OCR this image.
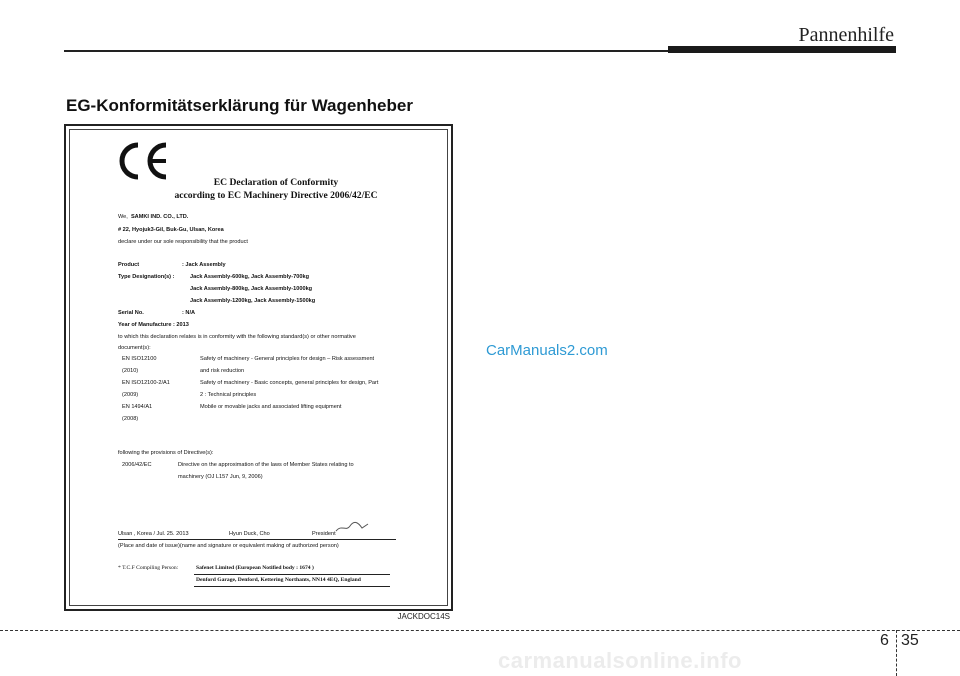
Pannenhilfe
EG-Konformitätserklärung für Wagenheber
EC Declaration of Conformity
according to EC Machinery Directive 2006/42/EC
We, SAMKI IND. CO., LTD.
# 22, Hyojuk3-Gil, Buk-Gu, Ulsan, Korea
declare under our sole responsibility that the product
Product	: Jack Assembly
Type Designation(s) :	Jack Assembly-600kg, Jack Assembly-700kg
Jack Assembly-800kg, Jack Assembly-1000kg
Jack Assembly-1200kg, Jack Assembly-1500kg
Serial No.	: N/A
Year of Manufacture : 2013
to which this declaration relates is in conformity with the following standard(s) or other normative
document(s):
EN ISO12100	Safety of machinery - General principles for design – Risk assessment
(2010)	and risk reduction
EN ISO12100-2/A1	Safety of machinery - Basic concepts, general principles for design, Part
(2009)	2 : Technical principles
EN 1494/A1	Mobile or movable jacks and associated lifting equipment
(2008)
following the provisions of Directive(s):
2006/42/EC	Directive on the approximation of the laws of Member States relating to
machinery (OJ L157 Jun, 9, 2006)
Ulsan , Korea / Jul. 25. 2013	Hyun Duck, Cho	President
(Place and date of issue)(name and signature or equivalent making of authorized person)
* T.C.F Compiling Person:	Safenet Limited (European Notified body : 1674 )
Denford Garage, Denford, Kettering Northants, NN14 4EQ, England
JACKDOC14S
CarManuals2.com
6 35
carmanualsonline.info
